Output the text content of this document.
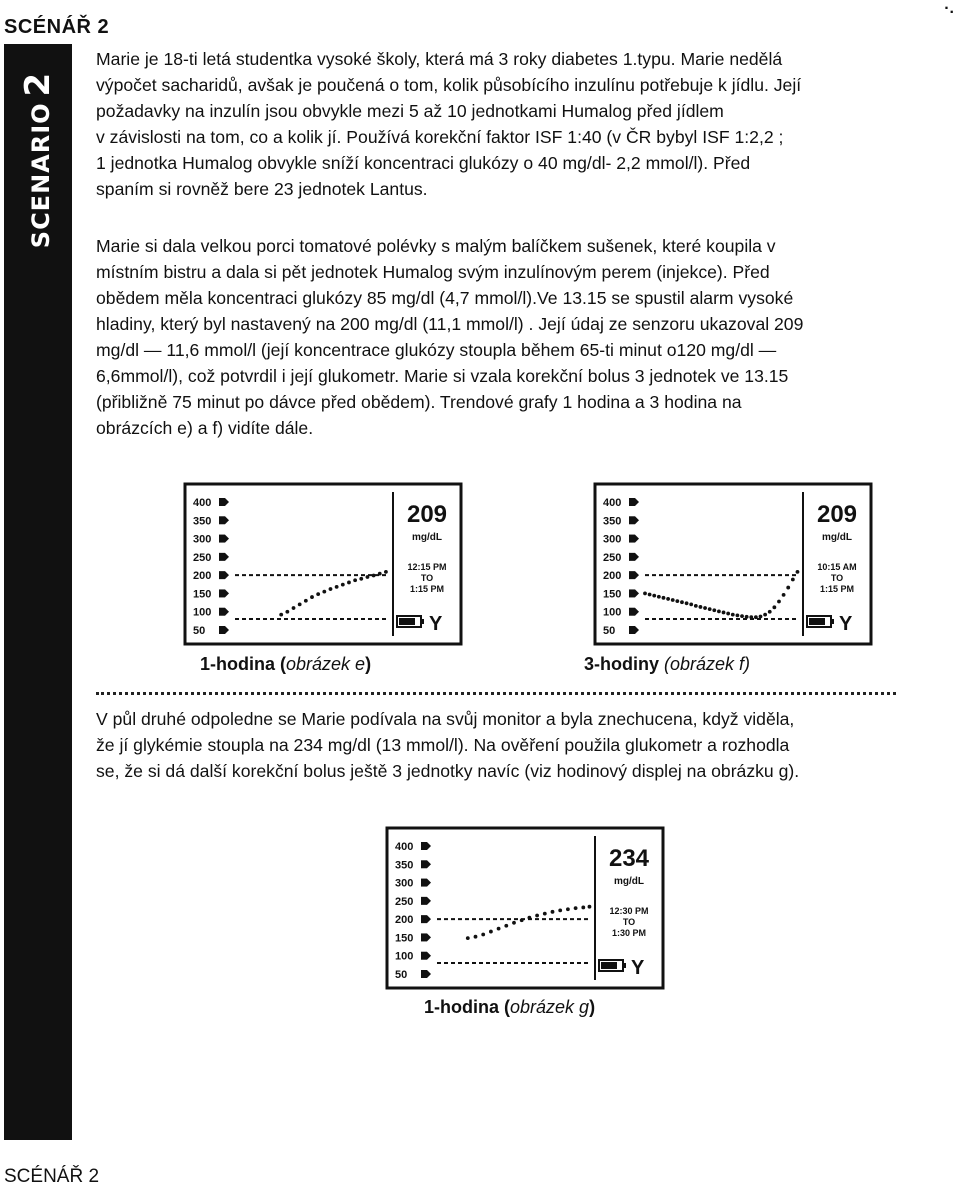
SCÉNÁŘ 2
·.
SCENARIO2
Marie je 18-ti letá studentka vysoké školy, která má 3 roky diabetes 1.typu. Marie nedělá
výpočet sacharidů, avšak je poučená o tom, kolik působícího inzulínu potřebuje k jídlu. Její
požadavky na inzulín jsou obvykle mezi 5 až 10 jednotkami Humalog před jídlem
v závislosti na tom, co a kolik jí. Používá korekční faktor ISF 1:40 (v ČR bybyl ISF 1:2,2 ;
1 jednotka Humalog obvykle sníží koncentraci glukózy o 40 mg/dl- 2,2 mmol/l). Před
spaním si rovněž bere 23 jednotek Lantus.
Marie si dala velkou porci tomatové polévky s malým balíčkem sušenek, které koupila v
místním bistru a dala si pět jednotek Humalog svým inzulínovým perem (injekce). Před
obědem měla koncentraci glukózy 85 mg/dl (4,7 mmol/l).Ve 13.15 se spustil alarm vysoké
hladiny, který byl nastavený na 200 mg/dl (11,1 mmol/l) . Její údaj ze senzoru ukazoval 209
mg/dl — 11,6 mmol/l (její koncentrace glukózy stoupla během 65-ti minut o120 mg/dl —
6,6mmol/l), což potvrdil i její glukometr. Marie si vzala korekční bolus 3 jednotek ve 13.15
(přibližně 75 minut po dávce před obědem). Trendové grafy 1 hodina a 3 hodina na
obrázcích e) a f) vidíte dále.
400
350
300
250
200
150
100
50
209
mg/dL
12:15 PM
TO
1:15 PM
Y
400
350
300
250
200
150
100
50
209
mg/dL
10:15 AM
TO
1:15 PM
Y
1-hodina (obrázek e)	3-hodiny (obrázek f)
V půl druhé odpoledne se Marie podívala na svůj monitor a byla znechucena, když viděla,
že jí glykémie stoupla na 234 mg/dl (13 mmol/l). Na ověření použila glukometr a rozhodla
se, že si dá další korekční bolus ještě 3 jednotky navíc (viz hodinový displej na obrázku g).
400
350
300
250
200
150
100
50
234
mg/dL
12:30 PM
TO
1:30 PM
Y
1-hodina (obrázek g)
SCÉNÁŘ 2
